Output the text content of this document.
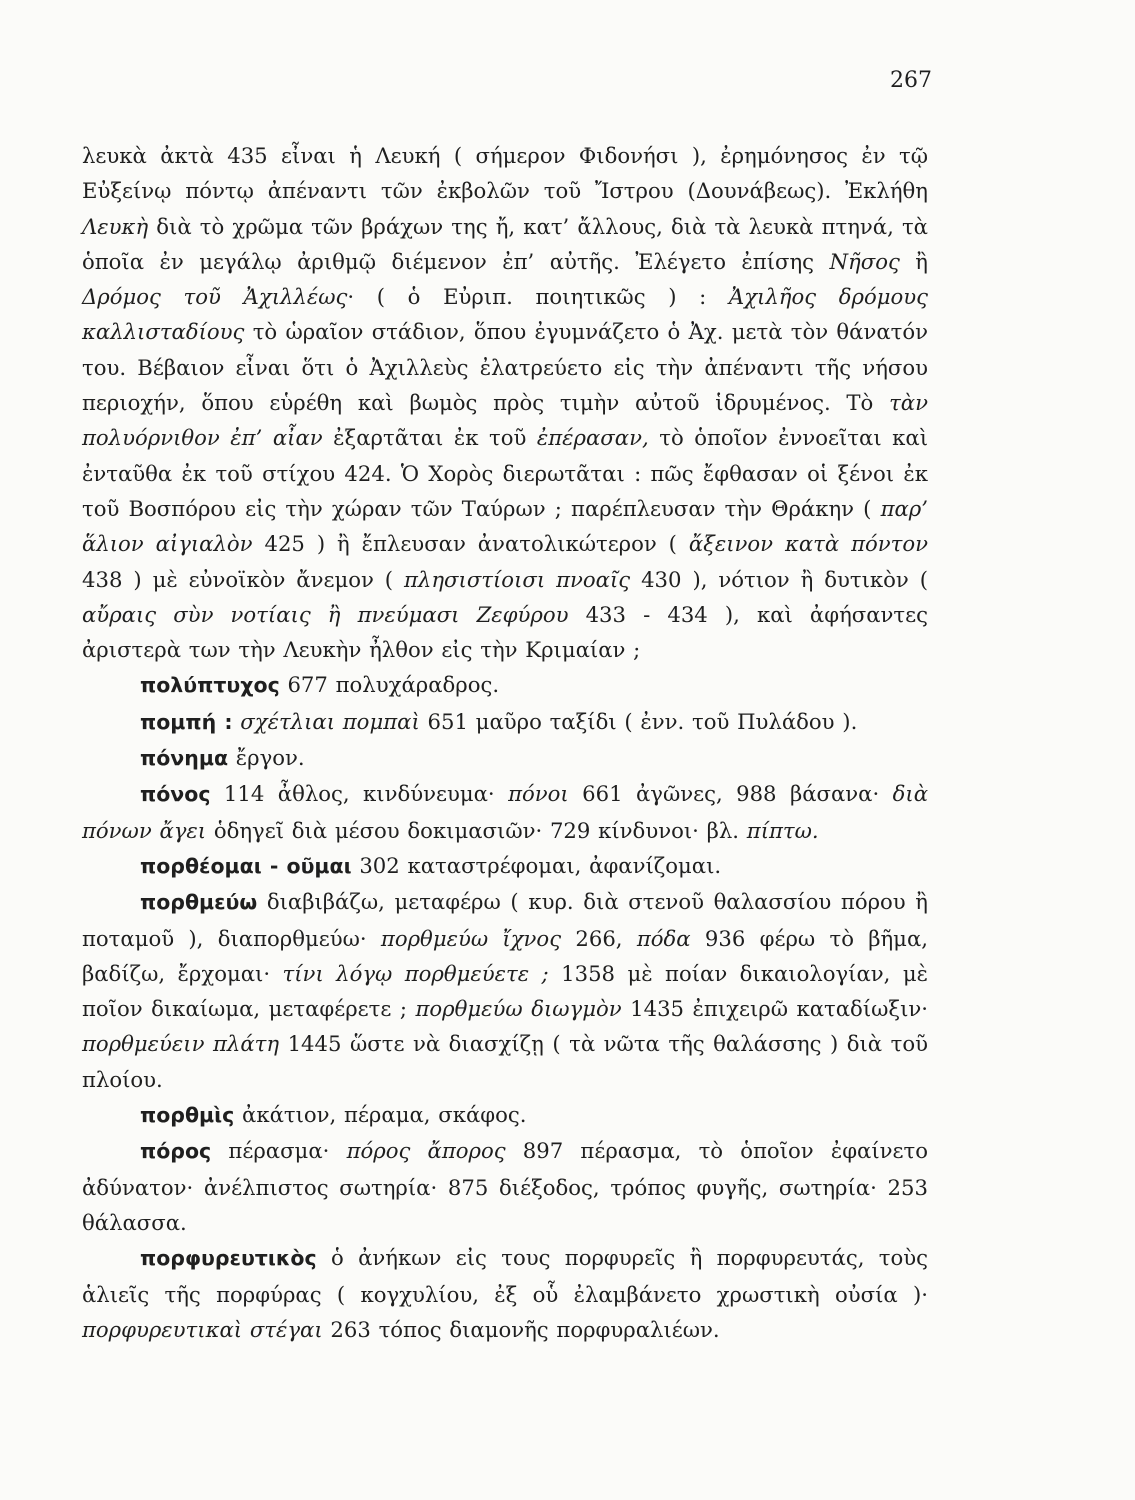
267

λευκὰ ἀκτὰ 435 εἶναι ἡ Λευκή ( σήμερον Φιδονήσι ), ἐρημόνησος ἐν τῷ Εὐξείνῳ πόντῳ ἀπέναντι τῶν ἐκβολῶν τοῦ Ἴστρου (Δουνάβεως). Ἐκλήθη Λευκὴ διὰ τὸ χρῶμα τῶν βράχων της ἤ, κατ’ ἄλλους, διὰ τὰ λευκὰ πτηνά, τὰ ὁποῖα ἐν μεγάλῳ ἀριθμῷ διέμενον ἐπ’ αὐτῆς. Ἐλέγετο ἐπίσης Νῆσος ἢ Δρόμος τοῦ Ἀχιλλέως· ( ὁ Εὐριπ. ποιητικῶς ) : Ἀχιλῆος δρόμους καλλισταδίους τὸ ὡραῖον στάδιον, ὅπου ἐγυμνάζετο ὁ Ἀχ. μετὰ τὸν θάνατόν του. Βέβαιον εἶναι ὅτι ὁ Ἀχιλλεὺς ἐλατρεύετο εἰς τὴν ἀπέναντι τῆς νήσου περιοχήν, ὅπου εὑρέθη καὶ βωμὸς πρὸς τιμὴν αὐτοῦ ἱδρυμένος. Τὸ τὰν πολυόρνιθον ἐπ’ αἶαν ἐξαρτᾶται ἐκ τοῦ ἐπέρασαν, τὸ ὁποῖον ἐννοεῖται καὶ ἐνταῦθα ἐκ τοῦ στίχου 424. Ὁ Χορὸς διερωτᾶται : πῶς ἔφθασαν οἱ ξένοι ἐκ τοῦ Βοσπόρου εἰς τὴν χώραν τῶν Ταύρων ; παρέπλευσαν τὴν Θράκην ( παρ’ ἅλιον αἰγιαλὸν 425 ) ἢ ἔπλευσαν ἀνατολικώτερον ( ἄξεινον κατὰ πόντον 438 ) μὲ εὐνοϊκὸν ἄνεμον ( πλησιστίοισι πνοαῖς 430 ), νότιον ἢ δυτικὸν ( αὔραις σὺν νοτίαις ἢ πνεύμασι Ζεφύρου 433 - 434 ), καὶ ἀφήσαντες ἀριστερὰ των τὴν Λευκὴν ἦλθον εἰς τὴν Κριμαίαν ;

πολύπτυχος 677 πολυχάραδρος.

πομπή : σχέτλιαι πομπαὶ 651 μαῦρο ταξίδι ( ἐνν. τοῦ Πυλάδου ).

πόνημα ἔργον.

πόνος 114 ἆθλος, κινδύνευμα· πόνοι 661 ἀγῶνες, 988 βάσανα· διὰ πόνων ἄγει ὁδηγεῖ διὰ μέσου δοκιμασιῶν· 729 κίνδυνοι· βλ. πίπτω.

πορθέομαι - οῦμαι 302 καταστρέφομαι, ἀφανίζομαι.

πορθμεύω διαβιβάζω, μεταφέρω ( κυρ. διὰ στενοῦ θαλασσίου πόρου ἢ ποταμοῦ ), διαπορθμεύω· πορθμεύω ἴχνος 266, πόδα 936 φέρω τὸ βῆμα, βαδίζω, ἔρχομαι· τίνι λόγῳ πορθμεύετε ; 1358 μὲ ποίαν δικαιολογίαν, μὲ ποῖον δικαίωμα, μεταφέρετε ; πορθμεύω διωγμὸν 1435 ἐπιχειρῶ καταδίωξιν· πορθμεύειν πλάτη 1445 ὥστε νὰ διασχίζῃ ( τὰ νῶτα τῆς θαλάσσης ) διὰ τοῦ πλοίου.

πορθμὶς ἀκάτιον, πέραμα, σκάφος.

πόρος πέρασμα· πόρος ἄπορος 897 πέρασμα, τὸ ὁποῖον ἐφαίνετο ἀδύνατον· ἀνέλπιστος σωτηρία· 875 διέξοδος, τρόπος φυγῆς, σωτηρία· 253 θάλασσα.

πορφυρευτικὸς ὁ ἀνήκων εἰς τους πορφυρεῖς ἢ πορφυρευτάς, τοὺς ἁλιεῖς τῆς πορφύρας ( κογχυλίου, ἐξ οὗ ἐλαμβάνετο χρωστικὴ οὐσία )· πορφυρευτικαὶ στέγαι 263 τόπος διαμονῆς πορφυραλιέων.
